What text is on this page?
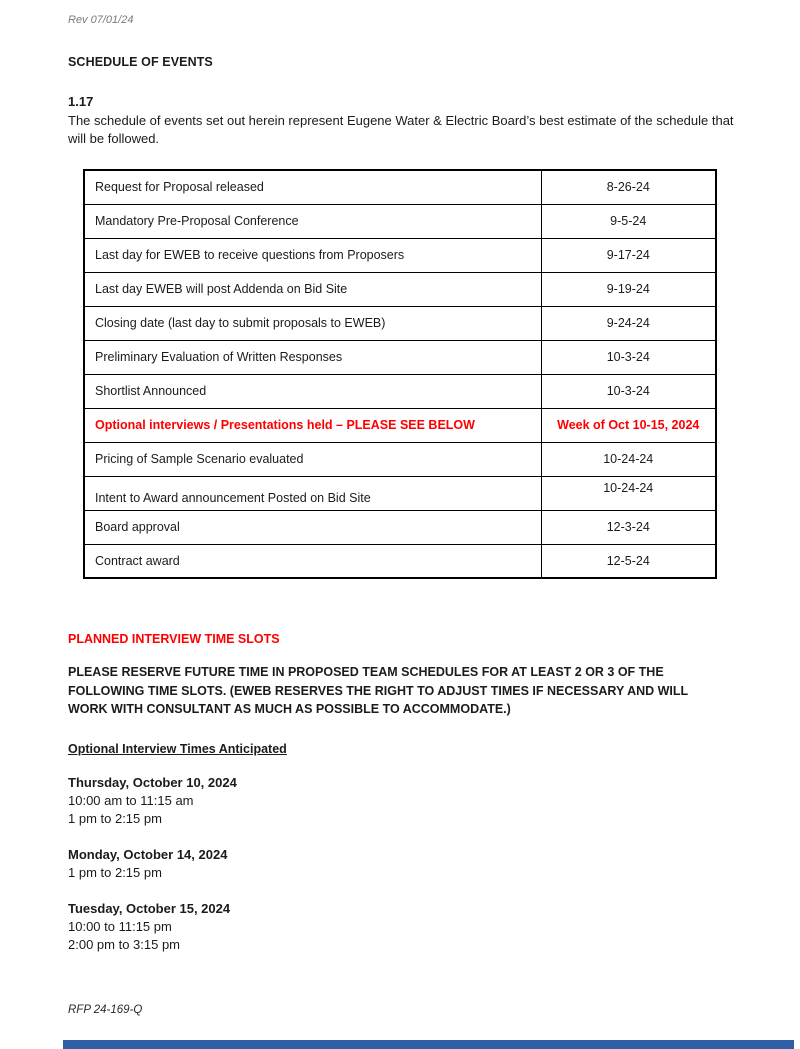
Rev 07/01/24
SCHEDULE OF EVENTS
1.17
The schedule of events set out herein represent Eugene Water & Electric Board’s best estimate of the schedule that will be followed.
Request for Proposal released	8-26-24
Mandatory Pre-Proposal Conference	9-5-24
Last day for EWEB to receive questions from Proposers	9-17-24
Last day EWEB will post Addenda on Bid Site	9-19-24
Closing date (last day to submit proposals to EWEB)	9-24-24
Preliminary Evaluation of Written Responses	10-3-24
Shortlist Announced	10-3-24
Optional interviews / Presentations held – PLEASE SEE BELOW	Week of Oct 10-15, 2024
Pricing of Sample Scenario evaluated	10-24-24
Intent to Award announcement Posted on Bid Site	10-24-24
Board approval	12-3-24
Contract award	12-5-24
PLANNED INTERVIEW TIME SLOTS
PLEASE RESERVE FUTURE TIME IN PROPOSED TEAM SCHEDULES FOR AT LEAST 2 OR 3 OF THE FOLLOWING TIME SLOTS. (EWEB RESERVES THE RIGHT TO ADJUST TIMES IF NECESSARY AND WILL WORK WITH CONSULTANT AS MUCH AS POSSIBLE TO ACCOMMODATE.)
Optional Interview Times Anticipated
Thursday, October 10, 2024
10:00 am to 11:15 am
1 pm to 2:15 pm
Monday, October 14, 2024
1 pm to 2:15 pm
Tuesday, October 15, 2024
10:00 to 11:15 pm
2:00 pm to 3:15 pm
RFP 24-169-Q
